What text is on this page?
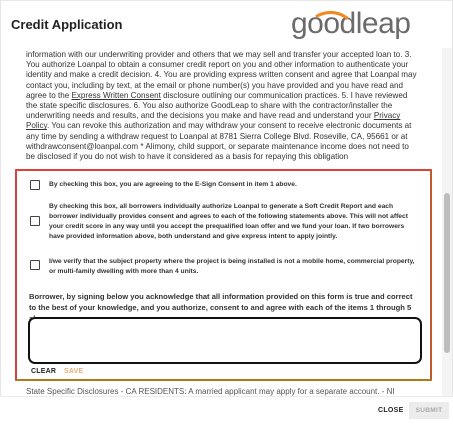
Credit Application	goodleap
information with our underwriting provider and others that we may sell and transfer your accepted loan to. 3.
You authorize Loanpal to obtain a consumer credit report on you and other information to authenticate your
identity and make a credit decision. 4. You are providing express written consent and agree that Loanpal may
contact you, including by text, at the email or phone number(s) you have provided and you have read and
agree to the Express Written Consent disclosure outlining our communication practices. 5. I have reviewed
the state specific disclosures. 6. You also authorize GoodLeap to share with the contractor/installer the
underwriting needs and results, and the decisions you make and have read and understand your Privacy
Policy. You can revoke this authorization and may withdraw your consent to receive electronic documents at
any time by sending a withdraw request to Loanpal at 8781 Sierra College Blvd. Roseville, CA, 95661 or at
withdrawconsent@loanpal.com * Alimony, child support, or separate maintenance income does not need to
be disclosed if you do not wish to have it considered as a basis for repaying this obligation
By checking this box, you are agreeing to the E-Sign Consent in item 1 above.
By checking this box, all borrowers individually authorize Loanpal to generate a Soft Credit Report and each borrower individually provides consent and agrees to each of the following statements above. This will not affect your credit score in any way until you accept the prequalified loan offer and we fund your loan. If two borrowers have provided information above, both understand and give express intent to apply jointly.
I/we verify that the subject property where the project is being installed is not a mobile home, commercial property, or multi-family dwelling with more than 4 units.
Borrower, by signing below you acknowledge that all information provided on this form is true and correct to the best of your knowledge, and you authorize, consent to and agree with each of the items 1 through 5
CLEAR SAVE
State Specific Disclosures - CA RESIDENTS: A married applicant may apply for a separate account. - NI
CLOSE	SUBMIT
